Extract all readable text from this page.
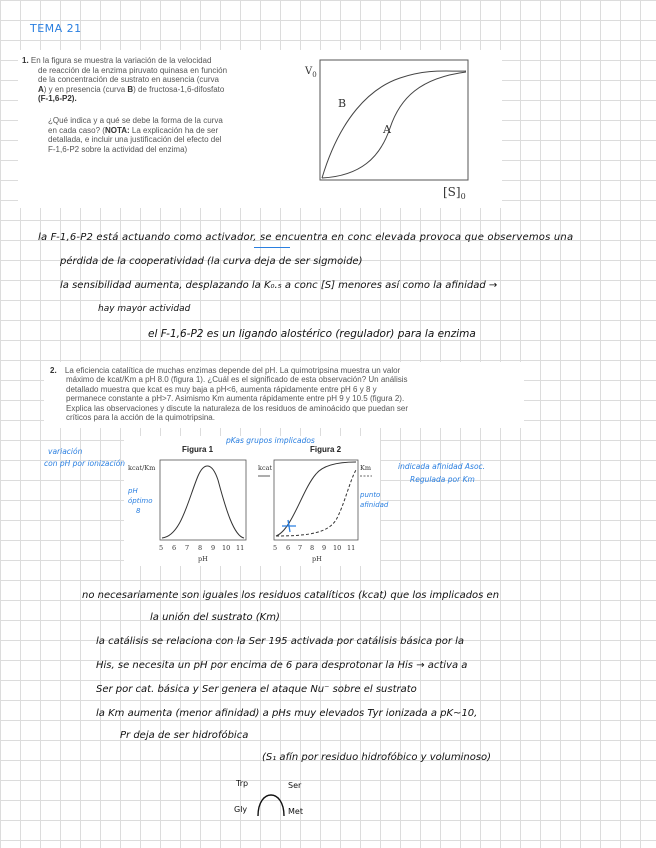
TEMA 21
1. En la figura se muestra la variación de la velocidad
de reacción de la enzima piruvato quinasa en función
de la concentración de sustrato en ausencia (curva
A) y en presencia (curva B) de fructosa-1,6-difosfato
(F-1,6-P2).
¿Qué indica y a qué se debe la forma de la curva
en cada caso? (NOTA: La explicación ha de ser
detallada, e incluir una justificación del efecto del
F-1,6-P2 sobre la actividad del enzima)
$V_0$
B
A
$[S]_0$
la F-1,6-P2 está actuando como activador, se encuentra en conc elevada provoca que observemos una
pérdida de la cooperatividad (la curva deja de ser sigmoide)
la sensibilidad aumenta, desplazando la K₀.₅ a conc [S] menores así como la afinidad →
hay mayor actividad
el F-1,6-P2 es un ligando alostérico (regulador) para la enzima
2. La eficiencia catalítica de muchas enzimas depende del pH. La quimotripsina muestra un valor
máximo de kcat/Km a pH 8.0 (figura 1). ¿Cuál es el significado de esta observación? Un análisis
detallado muestra que kcat es muy baja a pH<6, aumenta rápidamente entre pH 6 y 8 y
permanece constante a pH>7. Asimismo Km aumenta rápidamente entre pH 9 y 10.5 (figura 2).
Explica las observaciones y discute la naturaleza de los residuos de aminoácido que puedan ser
críticos para la acción de la quimotripsina.
Figura 1
kcat/Km
5 6 7 8 9 10 11
pH
Figura 2
kcat	Km
5 6 7 8 9 10 11
pH
variación
con pH por ionización
pKas grupos implicados
pH
óptimo
8
indicada afinidad Asoc.
Regulada por Km
punto
afinidad
no necesariamente son iguales los residuos catalíticos (kcat) que los implicados en
la unión del sustrato (Km)
la catálisis se relaciona con la Ser 195 activada por catálisis básica por la
His, se necesita un pH por encima de 6 para desprotonar la His → activa a
Ser por cat. básica y Ser genera el ataque Nu⁻ sobre el sustrato
la Km aumenta (menor afinidad) a pHs muy elevados Tyr ionizada a pK~10,
Pr deja de ser hidrofóbica
(S₁ afín por residuo hidrofóbico y voluminoso)
Trp	Ser
Gly	Met
